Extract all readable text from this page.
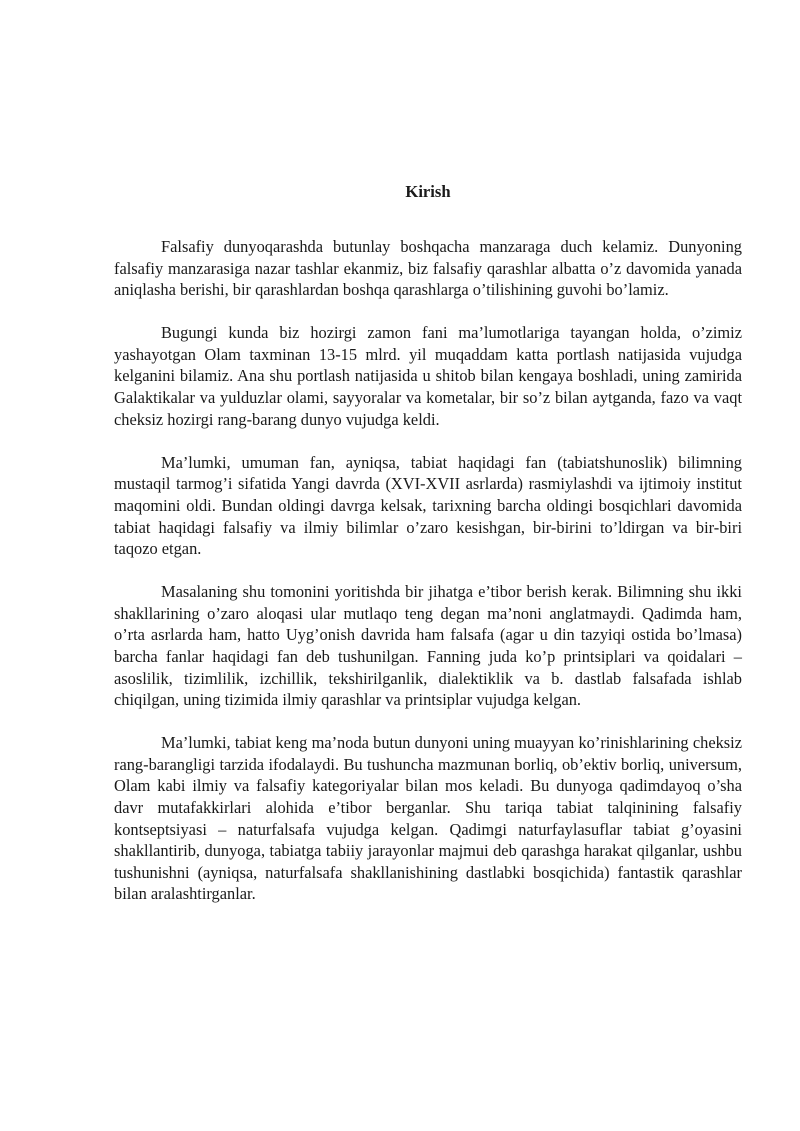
Kirish

Falsafiy dunyoqarashda butunlay boshqacha manzaraga duch kelamiz. Dunyoning falsafiy manzarasiga nazar tashlar ekanmiz, biz falsafiy qarashlar albatta o’z davomida yanada aniqlasha berishi, bir qarashlardan boshqa qarashlarga o’tilishining guvohi bo’lamiz.

Bugungi kunda biz hozirgi zamon fani ma’lumotlariga tayangan holda, o’zimiz yashayotgan Olam taxminan 13-15 mlrd. yil muqaddam katta portlash natijasida vujudga kelganini bilamiz. Ana shu portlash natijasida u shitob bilan kengaya boshladi, uning zamirida Galaktikalar va yulduzlar olami, sayyoralar va kometalar, bir so’z bilan aytganda, fazo va vaqt cheksiz hozirgi rang-barang dunyo vujudga keldi.

Ma’lumki, umuman fan, ayniqsa, tabiat haqidagi fan (tabiatshunoslik) bilimning mustaqil tarmog’i sifatida Yangi davrda (XVI-XVII asrlarda) rasmiylashdi va ijtimoiy institut maqomini oldi. Bundan oldingi davrga kelsak, tarixning barcha oldingi bosqichlari davomida tabiat haqidagi falsafiy va ilmiy bilimlar o’zaro kesishgan, bir-birini to’ldirgan va bir-biri taqozo etgan.

Masalaning shu tomonini yoritishda bir jihatga e’tibor berish kerak. Bilimning shu ikki shakllarining o’zaro aloqasi ular mutlaqo teng degan ma’noni anglatmaydi. Qadimda ham, o’rta asrlarda ham, hatto Uyg’onish davrida ham falsafa (agar u din tazyiqi ostida bo’lmasa) barcha fanlar haqidagi fan deb tushunilgan. Fanning juda ko’p printsiplari va qoidalari – asoslilik, tizimlilik, izchillik, tekshirilganlik, dialektiklik va b. dastlab falsafada ishlab chiqilgan, uning tizimida ilmiy qarashlar va printsiplar vujudga kelgan.

Ma’lumki, tabiat keng ma’noda butun dunyoni uning muayyan ko’rinishlarining cheksiz rang-barangligi tarzida ifodalaydi. Bu tushuncha mazmunan borliq, ob’ektiv borliq, universum, Olam kabi ilmiy va falsafiy kategoriyalar bilan mos keladi. Bu dunyoga qadimdayoq o’sha davr mutafakkirlari alohida e’tibor berganlar. Shu tariqa tabiat talqinining falsafiy kontseptsiyasi – naturfalsafa vujudga kelgan. Qadimgi naturfaylasuflar tabiat g’oyasini shakllantirib, dunyoga, tabiatga tabiiy jarayonlar majmui deb qarashga harakat qilganlar, ushbu tushunishni (ayniqsa, naturfalsafa shakllanishining dastlabki bosqichida) fantastik qarashlar bilan aralashtirganlar.
